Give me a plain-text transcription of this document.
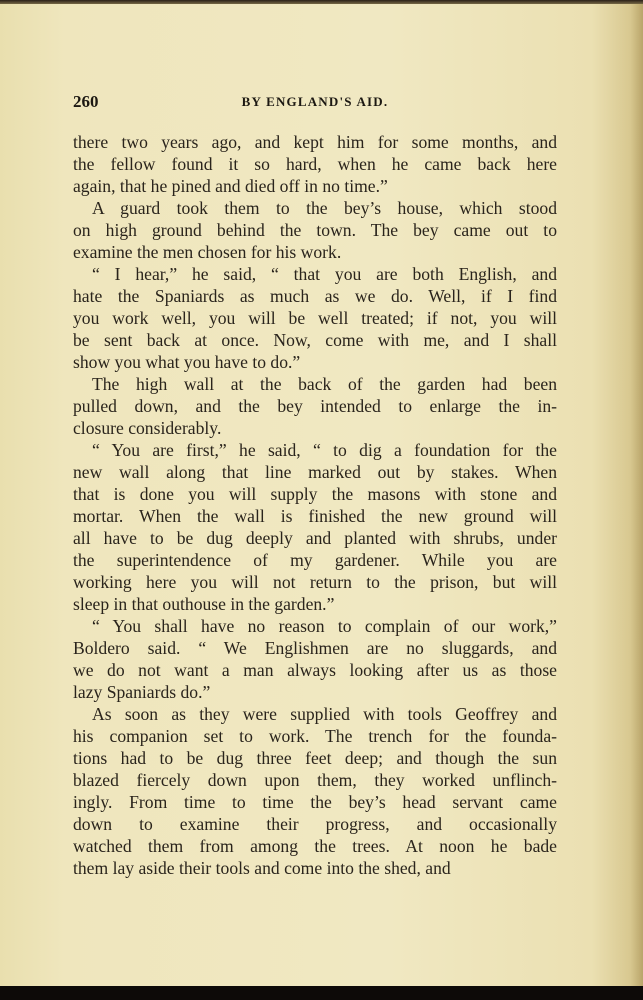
260	BY ENGLAND'S AID.
there two years ago, and kept him for some months, and
the fellow found it so hard, when he came back here
again, that he pined and died off in no time.”
A guard took them to the bey’s house, which stood
on high ground behind the town. The bey came out to
examine the men chosen for his work.
“ I hear,” he said, “ that you are both English, and
hate the Spaniards as much as we do. Well, if I find
you work well, you will be well treated; if not, you will
be sent back at once. Now, come with me, and I shall
show you what you have to do.”
The high wall at the back of the garden had been
pulled down, and the bey intended to enlarge the in-
closure considerably.
“ You are first,” he said, “ to dig a foundation for the
new wall along that line marked out by stakes. When
that is done you will supply the masons with stone and
mortar. When the wall is finished the new ground will
all have to be dug deeply and planted with shrubs, under
the superintendence of my gardener. While you are
working here you will not return to the prison, but will
sleep in that outhouse in the garden.”
“ You shall have no reason to complain of our work,”
Boldero said. “ We Englishmen are no sluggards, and
we do not want a man always looking after us as those
lazy Spaniards do.”
As soon as they were supplied with tools Geoffrey and
his companion set to work. The trench for the founda-
tions had to be dug three feet deep; and though the sun
blazed fiercely down upon them, they worked unflinch-
ingly. From time to time the bey’s head servant came
down to examine their progress, and occasionally
watched them from among the trees. At noon he bade
them lay aside their tools and come into the shed, and
